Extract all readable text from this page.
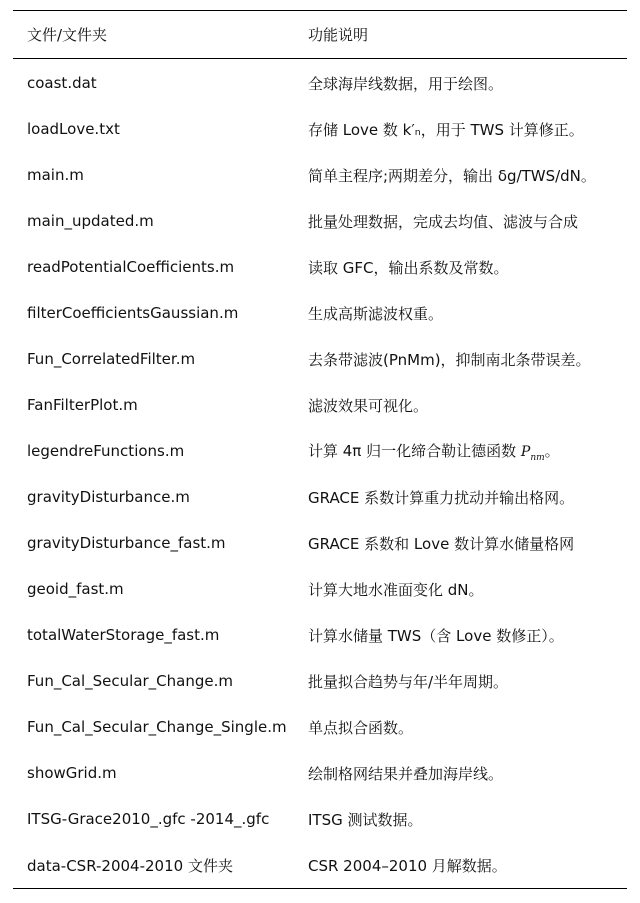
文件/文件夹	功能说明
coast.dat	全球海岸线数据，用于绘图。
loadLove.txt	存储 Love 数 k′ₙ，用于 TWS 计算修正。
main.m	简单主程序;两期差分，输出 δg/TWS/dN。
main_updated.m	批量处理数据，完成去均值、滤波与合成
readPotentialCoefficients.m	读取 GFC，输出系数及常数。
filterCoefficientsGaussian.m	生成高斯滤波权重。
Fun_CorrelatedFilter.m	去条带滤波(PnMm)，抑制南北条带误差。
FanFilterPlot.m	滤波效果可视化。
legendreFunctions.m	计算 4π 归一化缔合勒让德函数 $P_{nm}$。
gravityDisturbance.m	GRACE 系数计算重力扰动并输出格网。
gravityDisturbance_fast.m	GRACE 系数和 Love 数计算水储量格网
geoid_fast.m	计算大地水准面变化 dN。
totalWaterStorage_fast.m	计算水储量 TWS（含 Love 数修正）。
Fun_Cal_Secular_Change.m	批量拟合趋势与年/半年周期。
Fun_Cal_Secular_Change_Single.m	单点拟合函数。
showGrid.m	绘制格网结果并叠加海岸线。
ITSG-Grace2010_.gfc -2014_.gfc	ITSG 测试数据。
data-CSR-2004-2010 文件夹	CSR 2004–2010 月解数据。
